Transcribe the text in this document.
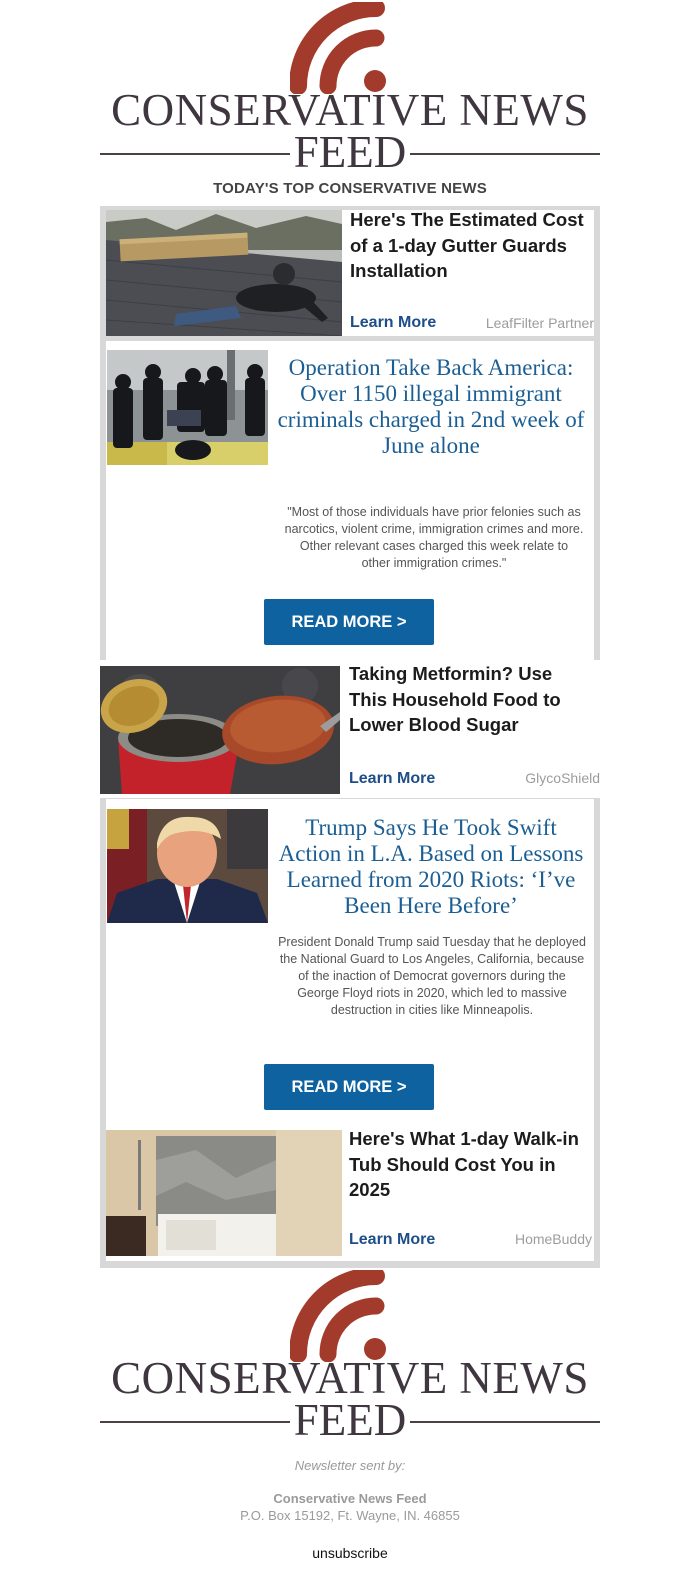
CONSERVATIVE NEWS
FEED
TODAY'S TOP CONSERVATIVE NEWS
Here's The Estimated Cost of a 1-day Gutter Guards Installation
Learn More	LeafFilter Partner
Operation Take Back America: Over 1150 illegal immigrant criminals charged in 2nd week of June alone
"Most of those individuals have prior felonies such as narcotics, violent crime, immigration crimes and more. Other relevant cases charged this week relate to other immigration crimes."
READ MORE >
Taking Metformin? Use This Household Food to Lower Blood Sugar
Learn More	GlycoShield
Trump Says He Took Swift Action in L.A. Based on Lessons Learned from 2020 Riots: ‘I’ve Been Here Before’
President Donald Trump said Tuesday that he deployed the National Guard to Los Angeles, California, because of the inaction of Democrat governors during the George Floyd riots in 2020, which led to massive destruction in cities like Minneapolis.
READ MORE >
Here's What 1-day Walk-in Tub Should Cost You in 2025
Learn More	HomeBuddy
CONSERVATIVE NEWS
FEED
Newsletter sent by:
Conservative News Feed
P.O. Box 15192, Ft. Wayne, IN. 46855
unsubscribe
